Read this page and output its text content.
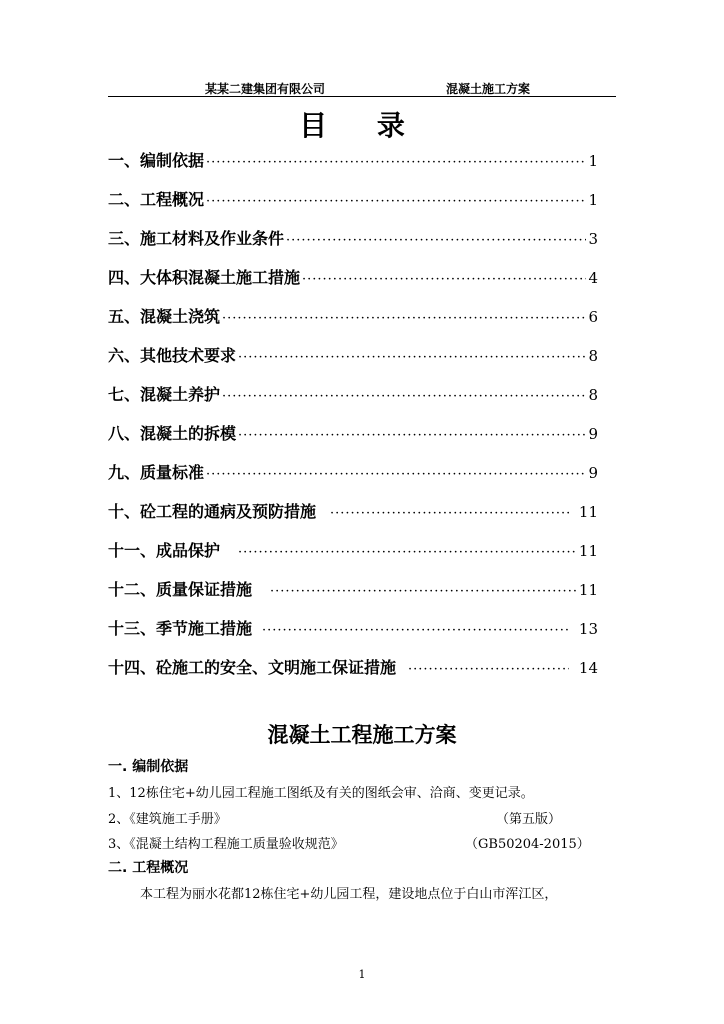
某某二建集团有限公司	混凝土施工方案
目 录
一、编制依据 ·····	1
二、工程概况 ·····	1
三、施工材料及作业条件 ·····	3
四、大体积混凝土施工措施 ·····	4
五、混凝土浇筑 ·····	6
六、其他技术要求 ·····	8
七、混凝土养护 ·····	8
八、混凝土的拆模 ·····	9
九、质量标准 ·····	9
十、砼工程的通病及预防措施 ·····	11
十一、成品保护 ·····	11
十二、质量保证措施 ·····	11
十三、季节施工措施 ·····	13
十四、砼施工的安全、文明施工保证措施 ·····	14
混凝土工程施工方案
一. 编制依据
1、12栋住宅+幼儿园工程施工图纸及有关的图纸会审、洽商、变更记录。
2、《建筑施工手册》	（第五版）
3、《混凝土结构工程施工质量验收规范》	（GB50204-2015）
二. 工程概况
本工程为丽水花都12栋住宅+幼儿园工程，建设地点位于白山市浑江区，
1
